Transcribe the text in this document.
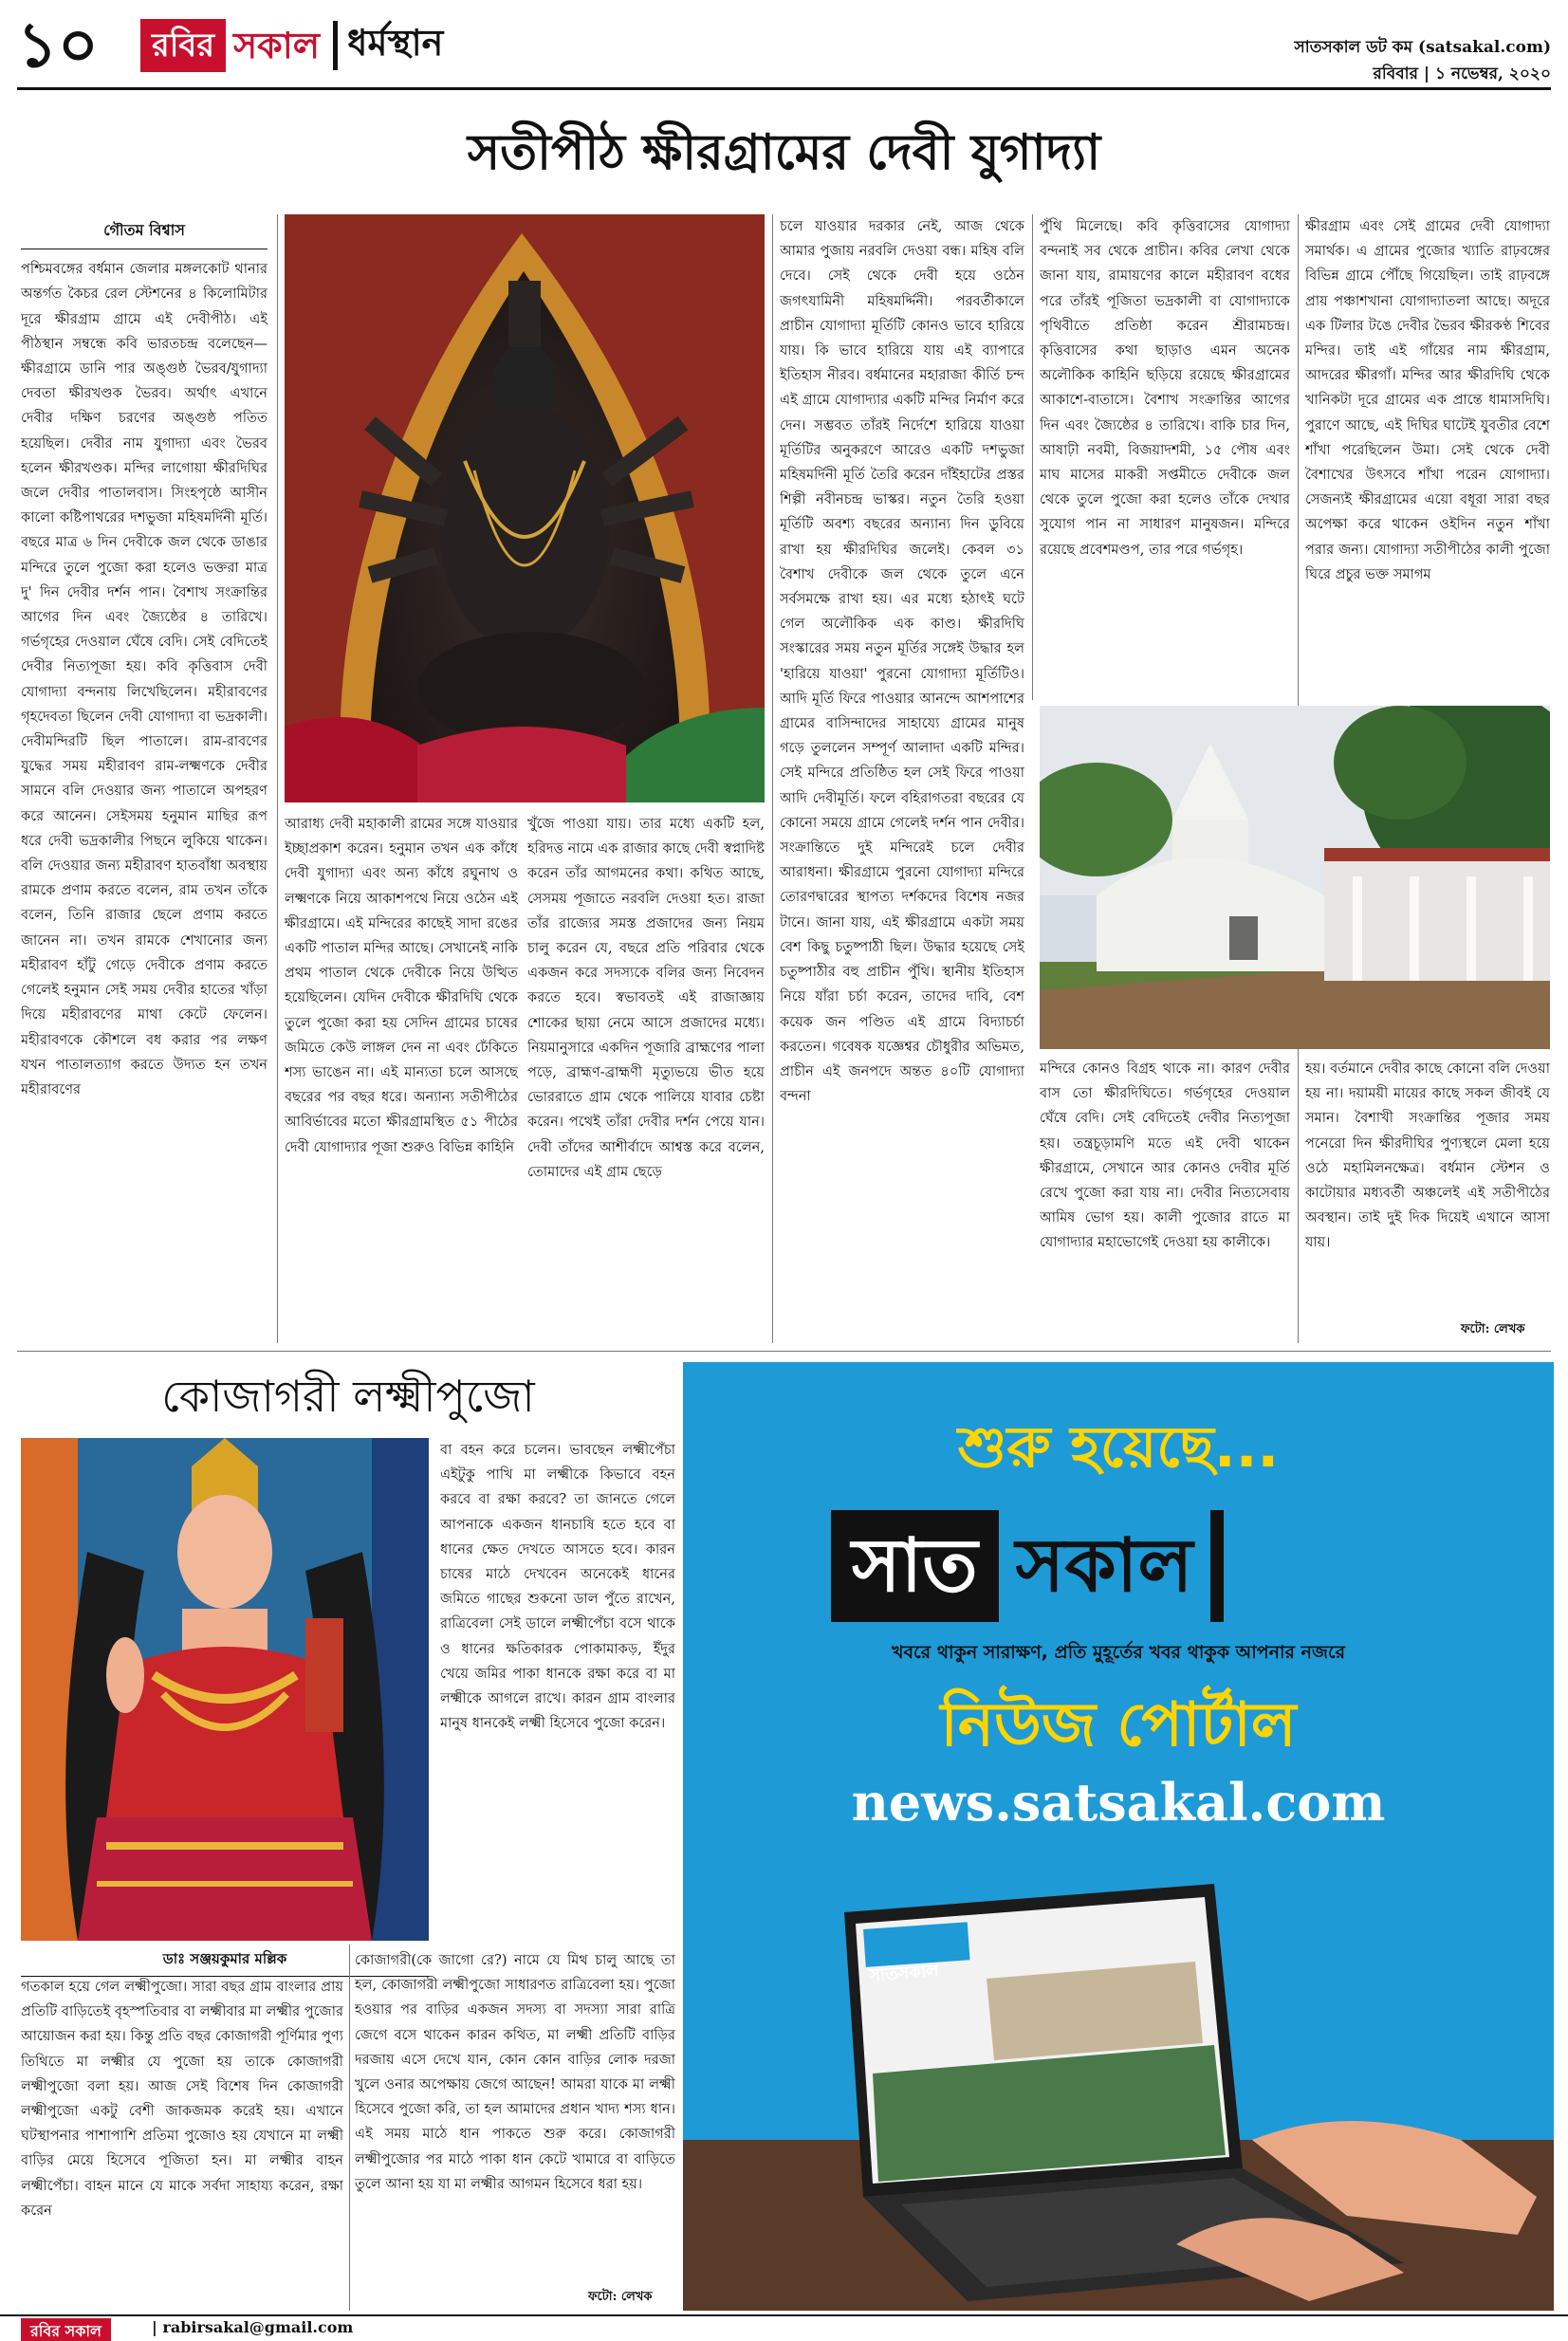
১০	রবির সকাল ধর্মস্থান	সাতসকাল ডট কম (satsakal.com)
রবিবার | ১ নভেম্বর, ২০২০
সতীপীঠ ক্ষীরগ্রামের দেবী যুগাদ্যা
গৌতম বিশ্বাস

পশ্চিমবঙ্গের বর্ধমান জেলার মঙ্গলকোট থানার অন্তর্গত কৈচর রেল স্টেশনের ৪ কিলোমিটার দূরে ক্ষীরগ্রাম গ্রামে এই দেবীপীঠ। এই পীঠস্থান সম্বন্ধে কবি ভারতচন্দ্র বলেছেন—ক্ষীরগ্রামে ডানি পার অঙ্গুষ্ঠ ভৈরব/যুগাদ্যা দেবতা ক্ষীরখণ্ডক ভৈরব। অর্থাৎ এখানে দেবীর দক্ষিণ চরণের অঙ্গুষ্ঠ পতিত হয়েছিল। দেবীর নাম যুগাদ্যা এবং ভৈরব হলেন ক্ষীরখণ্ডক। মন্দির লাগোয়া ক্ষীরদিঘির জলে দেবীর পাতালবাস। সিংহপৃষ্ঠে আসীন কালো কষ্টিপাথরের দশভুজা মহিষমর্দিনী মূর্তি। বছরে মাত্র ৬ দিন দেবীকে জল থেকে ডাঙার মন্দিরে তুলে পুজো করা হলেও ভক্তরা মাত্র দু' দিন দেবীর দর্শন পান। বৈশাখ সংক্রান্তির আগের দিন এবং জ্যৈষ্ঠের ৪ তারিখে। গর্ভগৃহের দেওয়াল ঘেঁষে বেদি। সেই বেদিতেই দেবীর নিত্যপূজা হয়। কবি কৃত্তিবাস দেবী যোগাদ্যা বন্দনায় লিখেছিলেন। মহীরাবণের গৃহদেবতা ছিলেন দেবী যোগাদ্যা বা ভদ্রকালী। দেবীমন্দিরটি ছিল পাতালে। রাম-রাবণের যুদ্ধের সময় মহীরাবণ রাম-লক্ষ্মণকে দেবীর সামনে বলি দেওয়ার জন্য পাতালে অপহরণ করে আনেন। সেইসময় হনুমান মাছির রূপ ধরে দেবী ভদ্রকালীর পিছনে লুকিয়ে থাকেন। বলি দেওয়ার জন্য মহীরাবণ হাতবাঁধা অবস্থায় রামকে প্রণাম করতে বলেন, রাম তখন তাঁকে বলেন, তিনি রাজার ছেলে প্রণাম করতে জানেন না। তখন রামকে শেখানোর জন্য মহীরাবণ হাঁটু গেড়ে দেবীকে প্রণাম করতে গেলেই হনুমান সেই সময় দেবীর হাতের খাঁড়া দিয়ে মহীরাবণের মাথা কেটে ফেলেন। মহীরাবণকে কৌশলে বধ করার পর লক্ষণ যখন পাতালত্যাগ করতে উদ্যত হন তখন মহীরাবণের

আরাধ্য দেবী মহাকালী রামের সঙ্গে যাওয়ার ইচ্ছাপ্রকাশ করেন। হনুমান তখন এক কাঁধে দেবী যুগাদ্যা এবং অন্য কাঁধে রঘুনাথ ও লক্ষ্মণকে নিয়ে আকাশপথে নিয়ে ওঠেন এই ক্ষীরগ্রামে। এই মন্দিরের কাছেই সাদা রঙের একটি পাতাল মন্দির আছে। সেখানেই নাকি প্রথম পাতাল থেকে দেবীকে নিয়ে উত্থিত হয়েছিলেন। যেদিন দেবীকে ক্ষীরদিঘি থেকে তুলে পুজো করা হয় সেদিন গ্রামের চাষের জমিতে কেউ লাঙ্গল দেন না এবং ঢেঁকিতে শস্য ভাঙেন না। এই মান্যতা চলে আসছে বছরের পর বছর ধরে। অন্যান্য সতীপীঠের আবির্ভাবের মতো ক্ষীরগ্রামস্থিত ৫১ পীঠের দেবী যোগাদ্যার পূজা শুরুও বিভিন্ন কাহিনি

খুঁজে পাওয়া যায়। তার মধ্যে একটি হল, হরিদত্ত নামে এক রাজার কাছে দেবী স্বপ্নাদিষ্ট করেন তাঁর আগমনের কথা। কথিত আছে, সেসময় পূজাতে নরবলি দেওয়া হত। রাজা তাঁর রাজ্যের সমস্ত প্রজাদের জন্য নিয়ম চালু করেন যে, বছরে প্রতি পরিবার থেকে একজন করে সদস্যকে বলির জন্য নিবেদন করতে হবে। স্বভাবতই এই রাজাজ্ঞায় শোকের ছায়া নেমে আসে প্রজাদের মধ্যে। নিয়মানুসারে একদিন পূজারি ব্রাহ্মণের পালা পড়ে, ব্রাহ্মণ-ব্রাহ্মণী মৃত্যুভয়ে ভীত হয়ে ভোররাতে গ্রাম থেকে পালিয়ে যাবার চেষ্টা করেন। পথেই তাঁরা দেবীর দর্শন পেয়ে যান। দেবী তাঁদের আশীর্বাদে আশ্বস্ত করে বলেন, তোমাদের এই গ্রাম ছেড়ে

চলে যাওয়ার দরকার নেই, আজ থেকে আমার পুজায় নরবলি দেওয়া বন্ধ। মহিষ বলি দেবে। সেই থেকে দেবী হয়ে ওঠেন জগৎযামিনী মহিষমর্দ্দিনী। পরবর্তীকালে প্রাচীন যোগাদ্যা মূর্তিটি কোনও ভাবে হারিয়ে যায়। কি ভাবে হারিয়ে যায় এই ব্যাপারে ইতিহাস নীরব। বর্ধমানের মহারাজা কীর্তি চন্দ এই গ্রামে যোগাদ্যার একটি মন্দির নির্মাণ করে দেন। সম্ভবত তাঁরই নির্দেশে হারিয়ে যাওয়া মূর্তিটির অনুকরণে আরেও একটি দশভুজা মহিষমর্দিনী মূর্তি তৈরি করেন দাঁইহাটের প্রস্তর শিল্পী নবীনচন্দ্র ভাস্কর। নতুন তৈরি হওয়া মূর্তিটি অবশ্য বছরের অন্যান্য দিন ডুবিয়ে রাখা হয় ক্ষীরদিঘির জলেই। কেবল ৩১ বৈশাখ দেবীকে জল থেকে তুলে এনে সর্বসমক্ষে রাখা হয়। এর মধ্যে হঠাৎই ঘটে গেল অলৌকিক এক কাণ্ড। ক্ষীরদিঘি সংস্কারের সময় নতুন মূর্তির সঙ্গেই উদ্ধার হল 'হারিয়ে যাওয়া' পুরনো যোগাদ্যা মূর্তিটিও। আদি মূর্তি ফিরে পাওয়ার আনন্দে আশপাশের গ্রামের বাসিন্দাদের সাহায্যে গ্রামের মানুষ গড়ে তুললেন সম্পূর্ণ আলাদা একটি মন্দির। সেই মন্দিরে প্রতিষ্ঠিত হল সেই ফিরে পাওয়া আদি দেবীমূর্তি। ফলে বহিরাগতরা বছরের যে কোনো সময়ে গ্রামে গেলেই দর্শন পান দেবীর। সংক্রান্তিতে দুই মন্দিরেই চলে দেবীর আরাধনা। ক্ষীরগ্রামে পুরনো যোগাদ্যা মন্দিরে তোরণদ্বারের স্থাপত্য দর্শকদের বিশেষ নজর টানে। জানা যায়, এই ক্ষীরগ্রামে একটা সময় বেশ কিছু চতুষ্পাঠী ছিল। উদ্ধার হয়েছে সেই চতুষ্পাঠীর বহু প্রাচীন পুঁথি। স্থানীয় ইতিহাস নিয়ে যাঁরা চর্চা করেন, তাদের দাবি, বেশ কয়েক জন পণ্ডিত এই গ্রামে বিদ্যাচর্চা করতেন। গবেষক যজ্ঞেশ্বর চৌধুরীর অভিমত, প্রাচীন এই জনপদে অন্তত ৪০টি যোগাদ্যা বন্দনা

পুঁথি মিলেছে। কবি কৃত্তিবাসের যোগাদ্যা বন্দনাই সব থেকে প্রাচীন। কবির লেখা থেকে জানা যায়, রামায়ণের কালে মহীরাবণ বধের পরে তাঁরই পূজিতা ভদ্রকালী বা যোগাদ্যাকে পৃথিবীতে প্রতিষ্ঠা করেন শ্রীরামচন্দ্র। কৃত্তিবাসের কথা ছাড়াও এমন অনেক অলৌকিক কাহিনি ছড়িয়ে রয়েছে ক্ষীরগ্রামের আকাশে-বাতাসে। বৈশাখ সংক্রান্তির আগের দিন এবং জ্যৈষ্ঠের ৪ তারিখে। বাকি চার দিন, আষাঢ়ী নবমী, বিজয়াদশমী, ১৫ পৌষ এবং মাঘ মাসের মাকরী সপ্তমীতে দেবীকে জল থেকে তুলে পুজো করা হলেও তাঁকে দেখার সুযোগ পান না সাধারণ মানুষজন। মন্দিরে রয়েছে প্রবেশমণ্ডপ, তার পরে গর্ভগৃহ।

ক্ষীরগ্রাম এবং সেই গ্রামের দেবী যোগাদ্যা সমার্থক। এ গ্রামের পুজোর খ্যাতি রাঢ়বঙ্গের বিভিন্ন গ্রামে পৌঁছে গিয়েছিল। তাই রাঢ়বঙ্গে প্রায় পঞ্চাশখানা যোগাদ্যাতলা আছে। অদূরে এক টিলার টঙে দেবীর ভৈরব ক্ষীরকণ্ঠ শিবের মন্দির। তাই এই গাঁয়ের নাম ক্ষীরগ্রাম, আদরের ক্ষীরগাঁ। মন্দির আর ক্ষীরদিঘি থেকে খানিকটা দূরে গ্রামের এক প্রান্তে ধামাসদিঘি। পুরাণে আছে, এই দিঘির ঘাটেই যুবতীর বেশে শাঁখা পরেছিলেন উমা। সেই থেকে দেবী বৈশাখের উৎসবে শাঁখা পরেন যোগাদ্যা। সেজন্যই ক্ষীরগ্রামের এয়ো বধূরা সারা বছর অপেক্ষা করে থাকেন ওইদিন নতুন শাঁখা পরার জন্য। যোগাদ্যা সতীপীঠের কালী পুজো ঘিরে প্রচুর ভক্ত সমাগম

মন্দিরে কোনও বিগ্রহ থাকে না। কারণ দেবীর বাস তো ক্ষীরদিঘিতে। গর্ভগৃহের দেওয়াল ঘেঁষে বেদি। সেই বেদিতেই দেবীর নিত্যপূজা হয়। তন্ত্রচূড়ামণি মতে এই দেবী থাকেন ক্ষীরগ্রামে, সেখানে আর কোনও দেবীর মূর্তি রেখে পুজো করা যায় না। দেবীর নিত্যসেবায় আমিষ ভোগ হয়। কালী পুজোর রাতে মা যোগাদ্যার মহাভোগেই দেওয়া হয় কালীকে।

হয়। বর্তমানে দেবীর কাছে কোনো বলি দেওয়া হয় না। দয়াময়ী মায়ের কাছে সকল জীবই যে সমান। বৈশাখী সংক্রান্তির পূজার সময় পনেরো দিন ক্ষীরদীঘির পুণ্যস্থলে মেলা হয়ে ওঠে মহামিলনক্ষেত্র। বর্ধমান স্টেশন ও কাটোয়ার মধ্যবর্তী অঞ্চলেই এই সতীপীঠের অবস্থান। তাই দুই দিক দিয়েই এখানে আসা যায়।

ফটো: লেখক
কোজাগরী লক্ষ্মীপুজো

বা বহন করে চলেন। ভাবছেন লক্ষ্মীপেঁচা এইটুকু পাখি মা লক্ষ্মীকে কিভাবে বহন করবে বা রক্ষা করবে? তা জানতে গেলে আপনাকে একজন ধানচাষি হতে হবে বা ধানের ক্ষেত দেখতে আসতে হবে। কারন চাষের মাঠে দেখবেন অনেকেই ধানের জমিতে গাছের শুকনো ডাল পুঁতে রাখেন, রাত্রিবেলা সেই ডালে লক্ষ্মীপেঁচা বসে থাকে ও ধানের ক্ষতিকারক পোকামাকড়, ইঁদুর খেয়ে জমির পাকা ধানকে রক্ষা করে বা মা লক্ষ্মীকে আগলে রাখে। কারন গ্রাম বাংলার মানুষ ধানকেই লক্ষ্মী হিসেবে পুজো করেন।

ডাঃ সঞ্জয়কুমার মল্লিক

গতকাল হয়ে গেল লক্ষ্মীপুজো। সারা বছর গ্রাম বাংলার প্রায় প্রতিটি বাড়িতেই বৃহস্পতিবার বা লক্ষ্মীবার মা লক্ষ্মীর পুজোর আয়োজন করা হয়। কিন্তু প্রতি বছর কোজাগরী পূর্ণিমার পুণ্য তিথিতে মা লক্ষ্মীর যে পুজো হয় তাকে কোজাগরী লক্ষ্মীপুজো বলা হয়। আজ সেই বিশেষ দিন কোজাগরী লক্ষ্মীপুজো একটু বেশী জাকজমক করেই হয়। এখানে ঘটস্থাপনার পাশাপাশি প্রতিমা পুজোও হয় যেখানে মা লক্ষ্মী বাড়ির মেয়ে হিসেবে পূজিতা হন। মা লক্ষ্মীর বাহন লক্ষ্মীপেঁচা। বাহন মানে যে মাকে সর্বদা সাহায্য করেন, রক্ষা করেন

কোজাগরী(কে জাগো রে?) নামে যে মিথ চালু আছে তা হল, কোজাগরী লক্ষ্মীপুজো সাধারণত রাত্রিবেলা হয়। পুজো হওয়ার পর বাড়ির একজন সদস্য বা সদস্যা সারা রাত্রি জেগে বসে থাকেন কারন কথিত, মা লক্ষ্মী প্রতিটি বাড়ির দরজায় এসে দেখে যান, কোন কোন বাড়ির লোক দরজা খুলে ওনার অপেক্ষায় জেগে আছেন! আমরা যাকে মা লক্ষ্মী হিসেবে পুজো করি, তা হল আমাদের প্রধান খাদ্য শস্য ধান। এই সময় মাঠে ধান পাকতে শুরু করে। কোজাগরী লক্ষ্মীপুজোর পর মাঠে পাকা ধান কেটে খামারে বা বাড়িতে তুলে আনা হয় যা মা লক্ষ্মীর আগমন হিসেবে ধরা হয়।

ফটো: লেখক
শুরু হয়েছে...
সাত সকাল
খবরে থাকুন সারাক্ষণ, প্রতি মুহূর্তের খবর থাকুক আপনার নজরে
নিউজ পোর্টাল
news.satsakal.com
সাতসকাল
রবির সকাল	| rabirsakal@gmail.com
